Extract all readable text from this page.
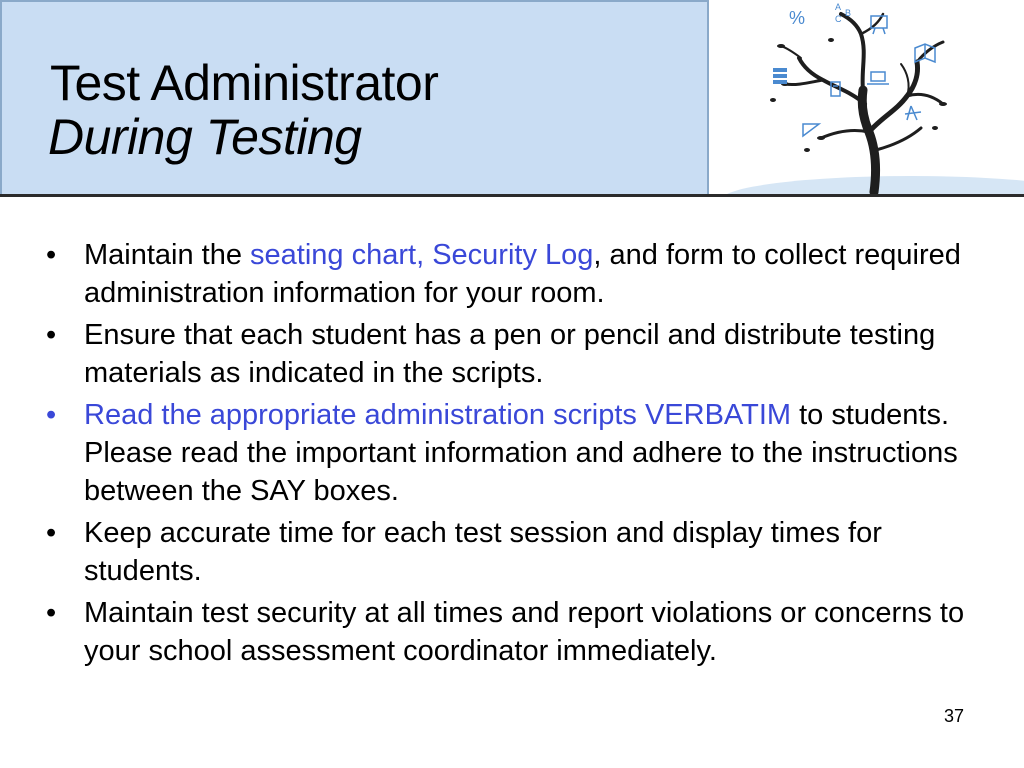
Test Administrator
During Testing
%
A
B
C
• Maintain the seating chart, Security Log, and form to collect required administration information for your room.
• Ensure that each student has a pen or pencil and distribute testing materials as indicated in the scripts.
• Read the appropriate administration scripts VERBATIM to students. Please read the important information and adhere to the instructions between the SAY boxes.
• Keep accurate time for each test session and display times for students.
• Maintain test security at all times and report violations or concerns to your school assessment coordinator immediately.
37
